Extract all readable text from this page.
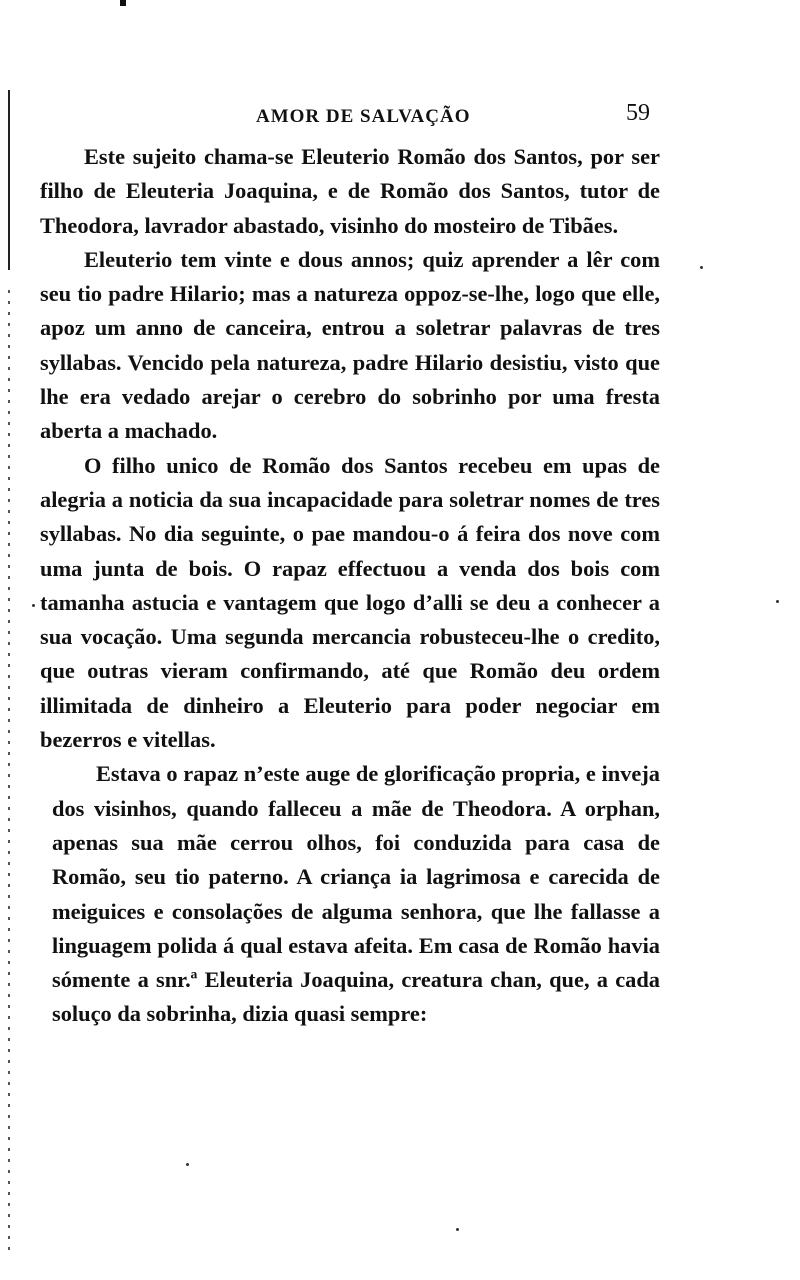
AMOR DE SALVAÇÃO	59

Este sujeito chama-se Eleuterio Romão dos Santos, por ser filho de Eleuteria Joaquina, e de Romão dos Santos, tutor de Theodora, lavrador abastado, visinho do mosteiro de Tibães.

Eleuterio tem vinte e dous annos; quiz aprender a lêr com seu tio padre Hilario; mas a natureza oppoz-se-lhe, logo que elle, apoz um anno de canceira, entrou a soletrar palavras de tres syllabas. Vencido pela natureza, padre Hilario desistiu, visto que lhe era vedado arejar o cerebro do sobrinho por uma fresta aberta a machado.

O filho unico de Romão dos Santos recebeu em upas de alegria a noticia da sua incapacidade para soletrar nomes de tres syllabas. No dia seguinte, o pae mandou-o á feira dos nove com uma junta de bois. O rapaz effectuou a venda dos bois com tamanha astucia e vantagem que logo d’alli se deu a conhecer a sua vocação. Uma segunda mercancia robusteceu-lhe o credito, que outras vieram confirmando, até que Romão deu ordem illimitada de dinheiro a Eleuterio para poder negociar em bezerros e vitellas.

Estava o rapaz n’este auge de glorificação propria, e inveja dos visinhos, quando falleceu a mãe de Theodora. A orphan, apenas sua mãe cerrou olhos, foi conduzida para casa de Romão, seu tio paterno. A criança ia lagrimosa e carecida de meiguices e consolações de alguma senhora, que lhe fallasse a linguagem polida á qual estava afeita. Em casa de Romão havia sómente a snr.ª Eleuteria Joaquina, creatura chan, que, a cada soluço da sobrinha, dizia quasi sempre:
